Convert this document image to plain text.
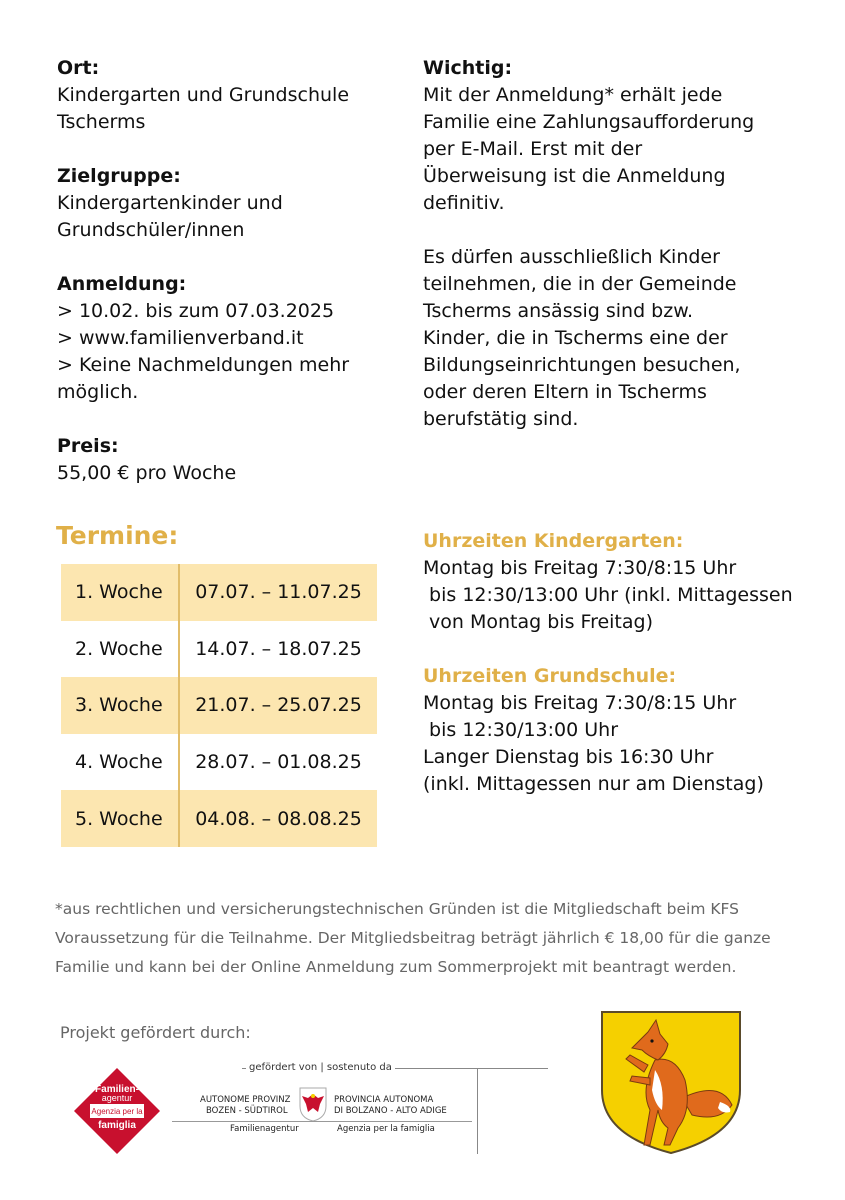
Ort:
Kindergarten und Grundschule
Tscherms
Zielgruppe:
Kindergartenkinder und
Grundschüler/innen
Anmeldung:
> 10.02. bis zum 07.03.2025
> www.familienverband.it
> Keine Nachmeldungen mehr
möglich.
Preis:
55,00 € pro Woche
Wichtig:
Mit der Anmeldung* erhält jede
Familie eine Zahlungsaufforderung
per E-Mail. Erst mit der
Überweisung ist die Anmeldung
definitiv.
Es dürfen ausschließlich Kinder
teilnehmen, die in der Gemeinde
Tscherms ansässig sind bzw.
Kinder, die in Tscherms eine der
Bildungseinrichtungen besuchen,
oder deren Eltern in Tscherms
berufstätig sind.
Termine:
1. Woche	07.07. – 11.07.25
2. Woche	14.07. – 18.07.25
3. Woche	21.07. – 25.07.25
4. Woche	28.07. – 01.08.25
5. Woche	04.08. – 08.08.25
Uhrzeiten Kindergarten:
Montag bis Freitag 7:30/8:15 Uhr
bis 12:30/13:00 Uhr (inkl. Mittagessen
von Montag bis Freitag)
Uhrzeiten Grundschule:
Montag bis Freitag 7:30/8:15 Uhr
bis 12:30/13:00 Uhr
Langer Dienstag bis 16:30 Uhr
(inkl. Mittagessen nur am Dienstag)
*aus rechtlichen und versicherungstechnischen Gründen ist die Mitgliedschaft beim KFS
Voraussetzung für die Teilnahme. Der Mitgliedsbeitrag beträgt jährlich € 18,00 für die ganze
Familie und kann bei der Online Anmeldung zum Sommerprojekt mit beantragt werden.
Projekt gefördert durch:
gefördert von | sostenuto da
Familien-
agentur
Agenzia per la
famiglia
AUTONOME PROVINZ
BOZEN - SÜDTIROL
PROVINCIA AUTONOMA
DI BOLZANO - ALTO ADIGE
Familienagentur	Agenzia per la famiglia
